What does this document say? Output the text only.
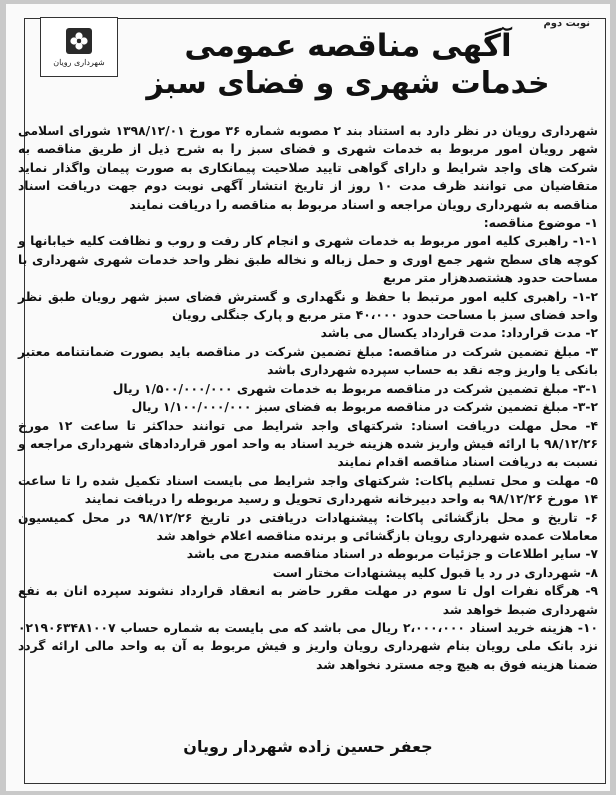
شهرداری رویان
نوبت دوم
آگهی مناقصه عمومی
خدمات شهری و فضای سبز

شهرداری رویان در نظر دارد به استناد بند ۲ مصوبه شماره ۳۶ مورخ ۱۳۹۸/۱۲/۰۱ شورای اسلامی شهر رویان امور مربوط به خدمات شهری و فضای سبز را به شرح ذیل از طریق مناقصه به شرکت های واجد شرایط و دارای گواهی تایید صلاحیت پیمانکاری به صورت پیمان واگذار نماید متقاضیان می توانند ظرف مدت ۱۰ روز از تاریخ انتشار آگهی نوبت دوم جهت دریافت اسناد مناقصه به شهرداری رویان مراجعه و اسناد مربوط به مناقصه را دریافت نمایند

۱- موضوع مناقصه:

۱-۱- راهبری کلیه امور مربوط به خدمات شهری و انجام کار رفت و روب و نظافت کلیه خیابانها و کوچه های سطح شهر جمع اوری و حمل زباله و نخاله طبق نظر واحد خدمات شهری شهرداری با مساحت حدود هشتصدهزار متر مربع

۱-۲- راهبری کلیه امور مرتبط با حفظ و نگهداری و گسترش فضای سبز شهر رویان طبق نظر واحد فضای سبز با مساحت حدود ۴۰،۰۰۰ متر مربع و پارک جنگلی رویان

۲- مدت قرارداد: مدت قرارداد یکسال می باشد

۳- مبلغ تضمین شرکت در مناقصه: مبلغ تضمین شرکت در مناقصه باید بصورت ضمانتنامه معتبر بانکی یا واریز وجه نقد به حساب سپرده شهرداری باشد

۳-۱- مبلغ تضمین شرکت در مناقصه مربوط به خدمات شهری ۱/۵۰۰/۰۰۰/۰۰۰ ریال

۳-۲- مبلغ تضمین شرکت در مناقصه مربوط به فضای سبز ۱/۱۰۰/۰۰۰/۰۰۰ ریال

۴- محل مهلت دریافت اسناد: شرکتهای واجد شرایط می توانند حداکثر تا ساعت ۱۲ مورخ ۹۸/۱۲/۲۶ با ارائه فیش واریز شده هزینه خرید اسناد به واحد امور قراردادهای شهرداری مراجعه و نسبت به دریافت اسناد مناقصه اقدام نمایند

۵- مهلت و محل تسلیم پاکات: شرکتهای واجد شرایط می بایست اسناد تکمیل شده را تا ساعت ۱۴ مورخ ۹۸/۱۲/۲۶ به واحد دبیرخانه شهرداری تحویل و رسید مربوطه را دریافت نمایند

۶- تاریخ و محل بازگشائی پاکات: پیشنهادات دریافتی در تاریخ ۹۸/۱۲/۲۶ در محل کمیسیون معاملات عمده شهرداری رویان بازگشائی و برنده مناقصه اعلام خواهد شد

۷- سایر اطلاعات و جزئیات مربوطه در اسناد مناقصه مندرج می باشد

۸- شهرداری در رد یا قبول کلیه پیشنهادات مختار است

۹- هرگاه نفرات اول تا سوم در مهلت مقرر حاضر به انعقاد قرارداد نشوند سپرده انان به نفع شهرداری ضبط خواهد شد

۱۰- هزینه خرید اسناد ۲،۰۰۰،۰۰۰ ریال می باشد که می بایست به شماره حساب ۰۲۱۹۰۶۳۴۸۱۰۰۷ نزد بانک ملی رویان بنام شهرداری رویان واریز و فیش مربوط به آن به واحد مالی ارائه گردد ضمنا هزینه فوق به هیچ وجه مسترد نخواهد شد

جعفر حسین زاده شهردار رویان
